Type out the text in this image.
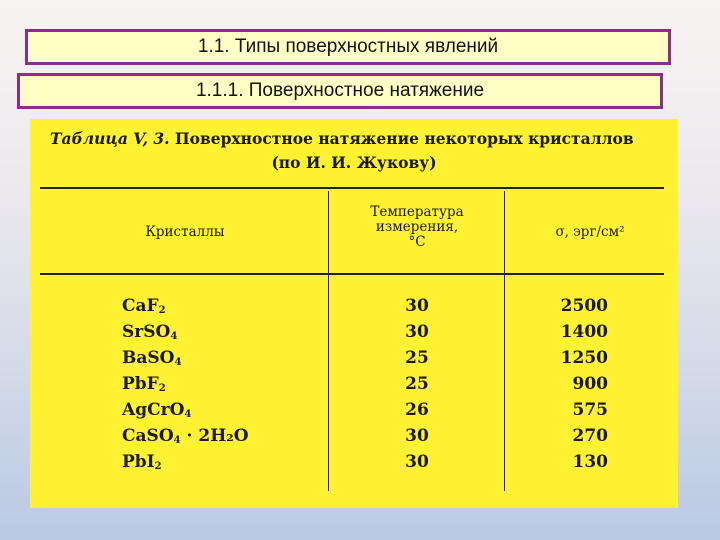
1.1. Типы поверхностных явлений
1.1.1. Поверхностное натяжение
Таблица V, 3. Поверхностное натяжение некоторых кристаллов
(по И. И. Жукову)
Кристаллы
Температура
измерения,
°C
σ, эрг/см²
CaF$_2$
SrSO$_4$
BaSO$_4$
PbF$_2$
AgCrO$_4$
CaSO$_4$ · 2H₂O
PbI$_2$
30
30
25
25
26
30
30
2500
1400
1250
900
575
270
130
